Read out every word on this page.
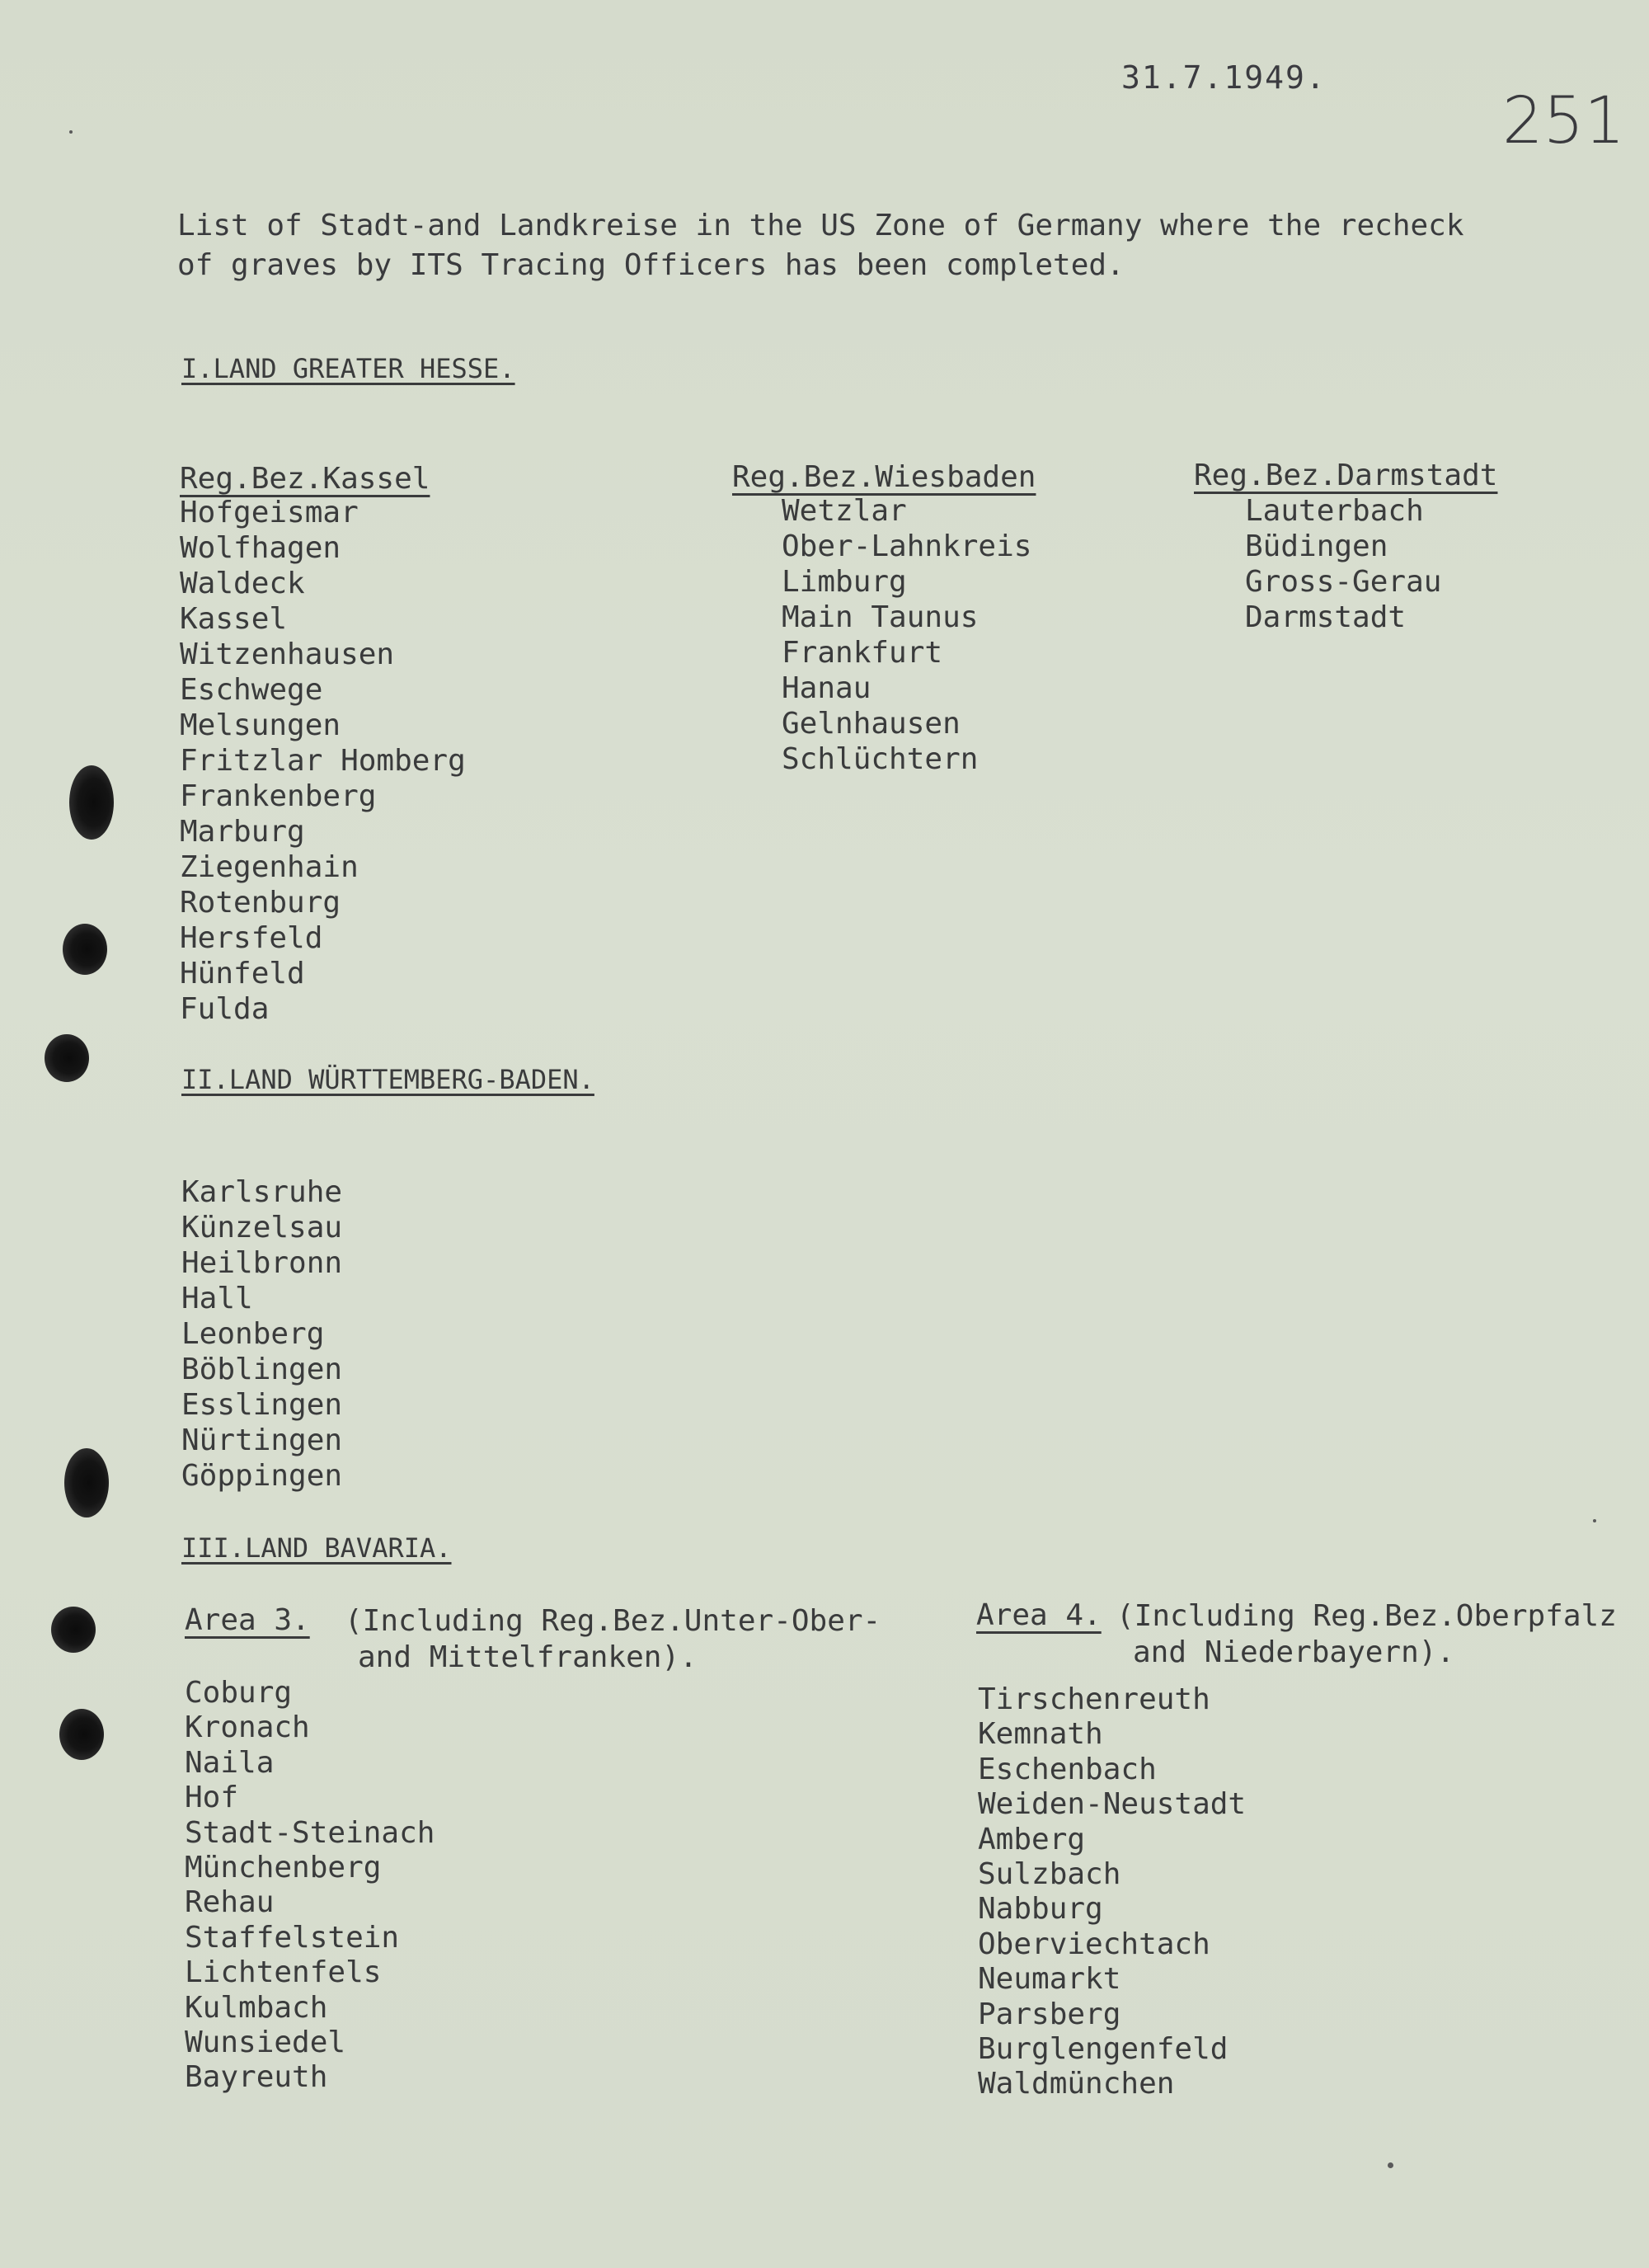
31.7.1949.
251
List of Stadt-and Landkreise in the US Zone of Germany where the recheck
of graves by ITS Tracing Officers has been completed.
I.LAND GREATER HESSE.
Reg.Bez.Kassel
Hofgeismar
Wolfhagen
Waldeck
Kassel
Witzenhausen
Eschwege
Melsungen
Fritzlar Homberg
Frankenberg
Marburg
Ziegenhain
Rotenburg
Hersfeld
Hünfeld
Fulda
Reg.Bez.Wiesbaden
Wetzlar
Ober-Lahnkreis
Limburg
Main Taunus
Frankfurt
Hanau
Gelnhausen
Schlüchtern
Reg.Bez.Darmstadt
Lauterbach
Büdingen
Gross-Gerau
Darmstadt
II.LAND WÜRTTEMBERG-BADEN.
Karlsruhe
Künzelsau
Heilbronn
Hall
Leonberg
Böblingen
Esslingen
Nürtingen
Göppingen
III.LAND BAVARIA.
Area 3. (Including Reg.Bez.Unter-Ober-
and Mittelfranken).
Coburg
Kronach
Naila
Hof
Stadt-Steinach
Münchenberg
Rehau
Staffelstein
Lichtenfels
Kulmbach
Wunsiedel
Bayreuth
Area 4. (Including Reg.Bez.Oberpfalz
and Niederbayern).
Tirschenreuth
Kemnath
Eschenbach
Weiden-Neustadt
Amberg
Sulzbach
Nabburg
Oberviechtach
Neumarkt
Parsberg
Burglengenfeld
Waldmünchen
